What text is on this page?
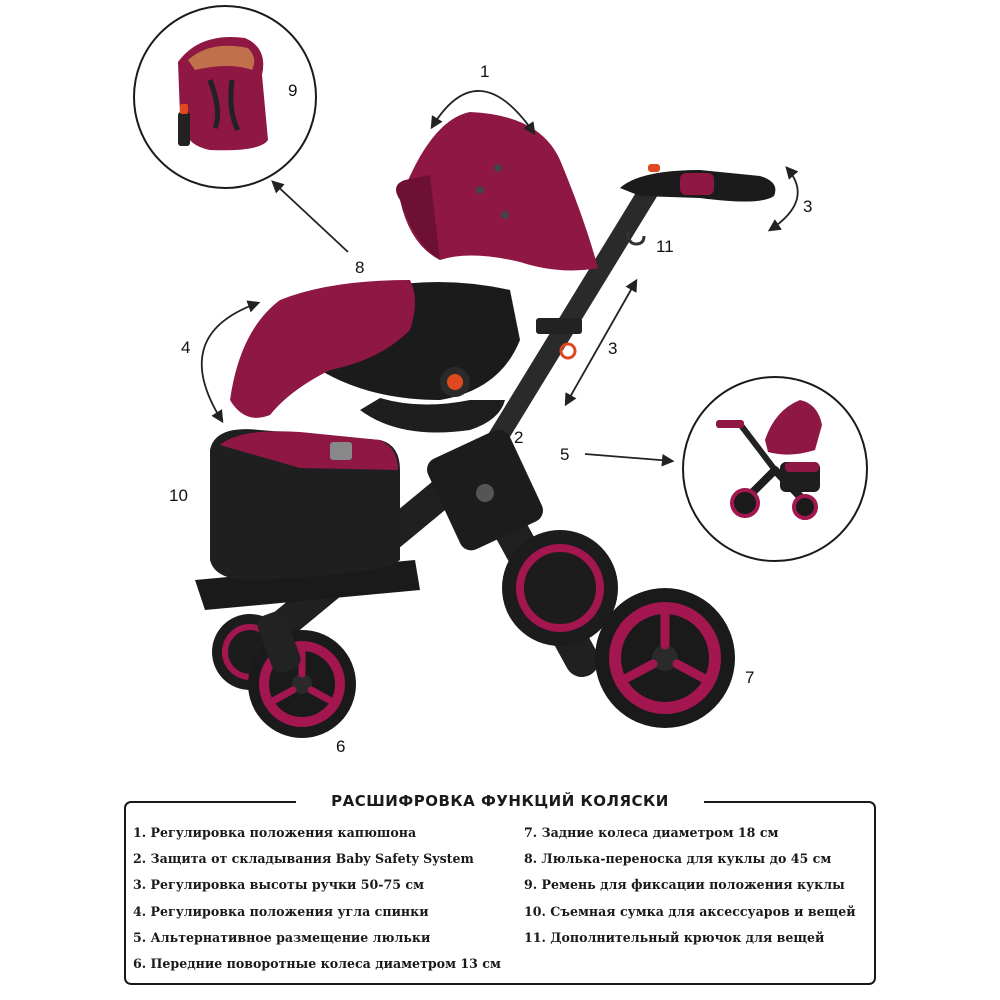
1
2
3
3
4
5
6
7
8
9
10
11
РАСШИФРОВКА ФУНКЦИЙ КОЛЯСКИ
1. Регулировка положения капюшона
2. Защита от складывания Baby Safety System
3. Регулировка высоты ручки 50-75 см
4. Регулировка положения угла спинки
5. Альтернативное размещение люльки
6. Передние поворотные колеса диаметром 13 см
7. Задние колеса диаметром 18 см
8. Люлька-переноска для куклы до 45 см
9. Ремень для фиксации положения куклы
10. Съемная сумка для аксессуаров и вещей
11. Дополнительный крючок для вещей
